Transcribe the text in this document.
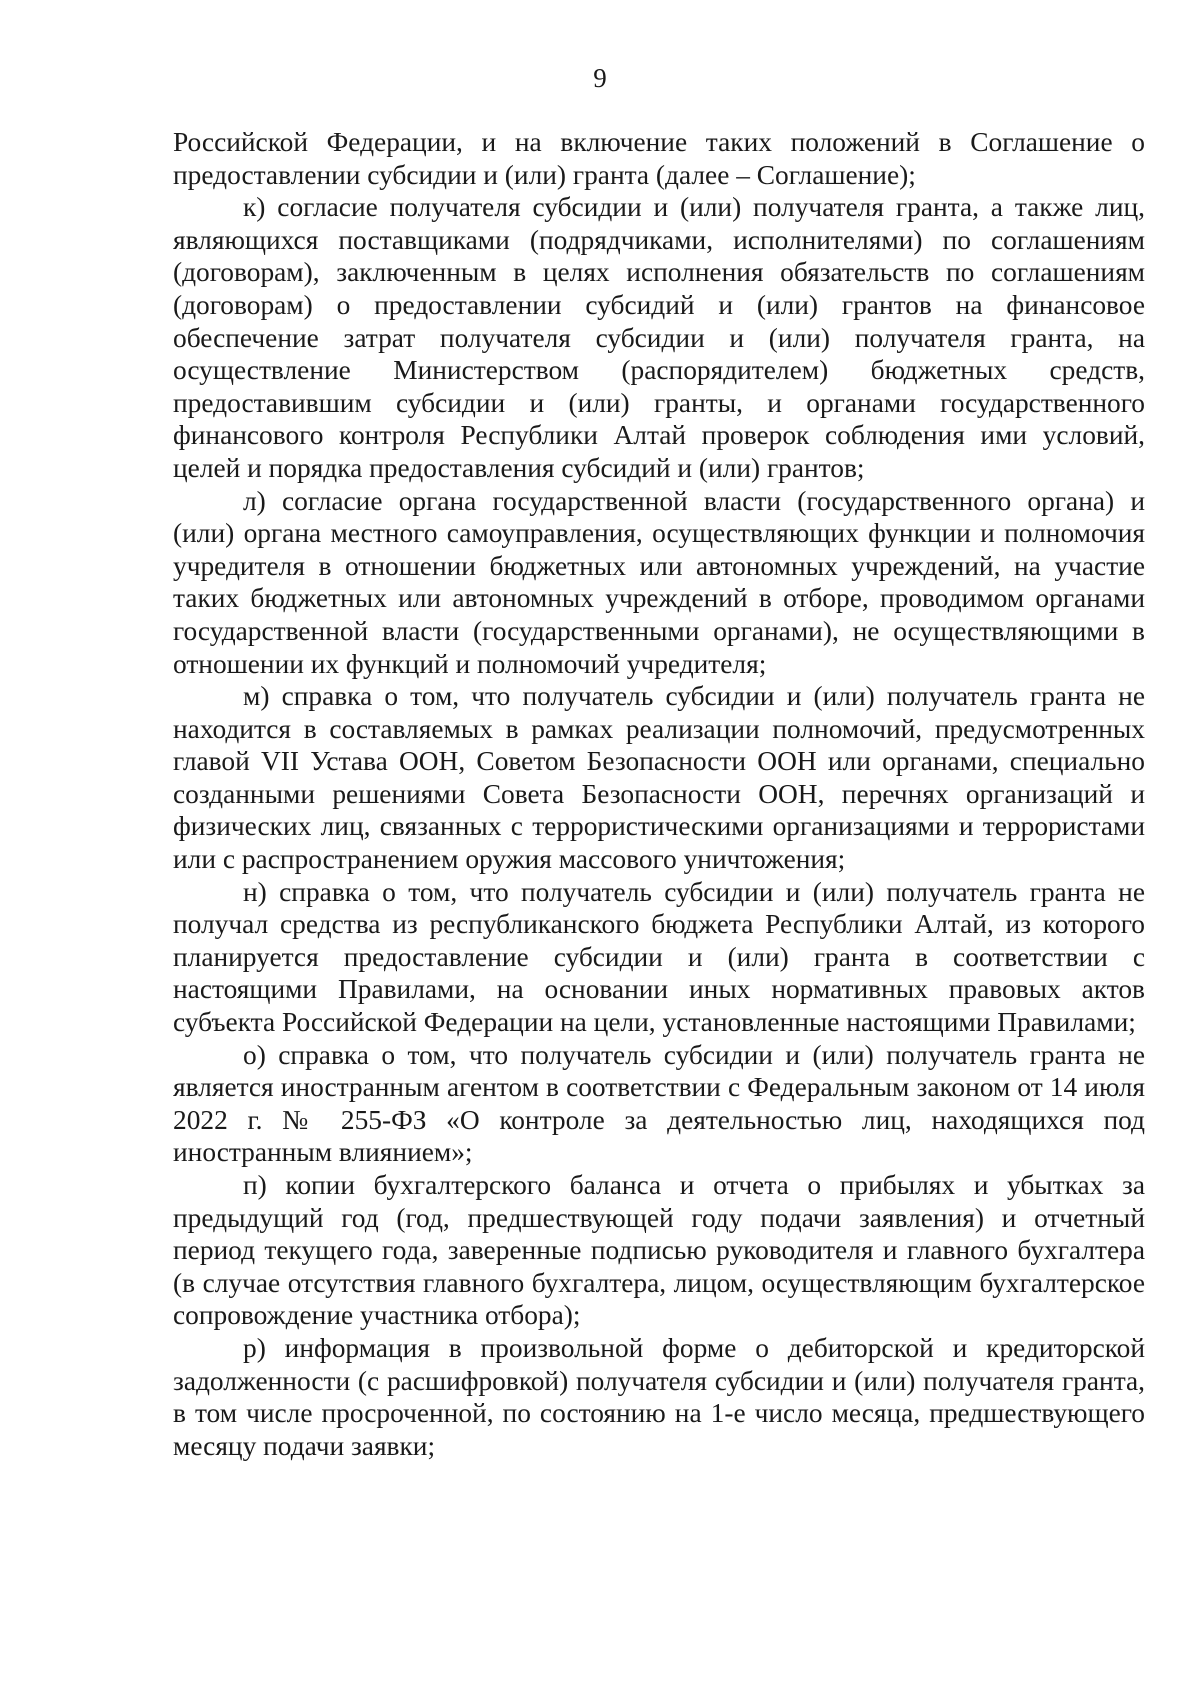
9

Российской Федерации, и на включение таких положений в Соглашение о предоставлении субсидии и (или) гранта (далее – Соглашение);

к) согласие получателя субсидии и (или) получателя гранта, а также лиц, являющихся поставщиками (подрядчиками, исполнителями) по соглашениям (договорам), заключенным в целях исполнения обязательств по соглашениям (договорам) о предоставлении субсидий и (или) грантов на финансовое обеспечение затрат получателя субсидии и (или) получателя гранта, на осуществление Министерством (распорядителем) бюджетных средств, предоставившим субсидии и (или) гранты, и органами государственного финансового контроля Республики Алтай проверок соблюдения ими условий, целей и порядка предоставления субсидий и (или) грантов;

л) согласие органа государственной власти (государственного органа) и (или) органа местного самоуправления, осуществляющих функции и полномочия учредителя в отношении бюджетных или автономных учреждений, на участие таких бюджетных или автономных учреждений в отборе, проводимом органами государственной власти (государственными органами), не осуществляющими в отношении их функций и полномочий учредителя;

м) справка о том, что получатель субсидии и (или) получатель гранта не находится в составляемых в рамках реализации полномочий, предусмотренных главой VII Устава ООН, Советом Безопасности ООН или органами, специально созданными решениями Совета Безопасности ООН, перечнях организаций и физических лиц, связанных с террористическими организациями и террористами или с распространением оружия массового уничтожения;

н) справка о том, что получатель субсидии и (или) получатель гранта не получал средства из республиканского бюджета Республики Алтай, из которого планируется предоставление субсидии и (или) гранта в соответствии с настоящими Правилами, на основании иных нормативных правовых актов субъекта Российской Федерации на цели, установленные настоящими Правилами;

о) справка о том, что получатель субсидии и (или) получатель гранта не является иностранным агентом в соответствии с Федеральным законом от 14 июля 2022 г. № 255-ФЗ «О контроле за деятельностью лиц, находящихся под иностранным влиянием»;

п) копии бухгалтерского баланса и отчета о прибылях и убытках за предыдущий год (год, предшествующей году подачи заявления) и отчетный период текущего года, заверенные подписью руководителя и главного бухгалтера (в случае отсутствия главного бухгалтера, лицом, осуществляющим бухгалтерское сопровождение участника отбора);

р) информация в произвольной форме о дебиторской и кредиторской задолженности (с расшифровкой) получателя субсидии и (или) получателя гранта, в том числе просроченной, по состоянию на 1-е число месяца, предшествующего месяцу подачи заявки;
